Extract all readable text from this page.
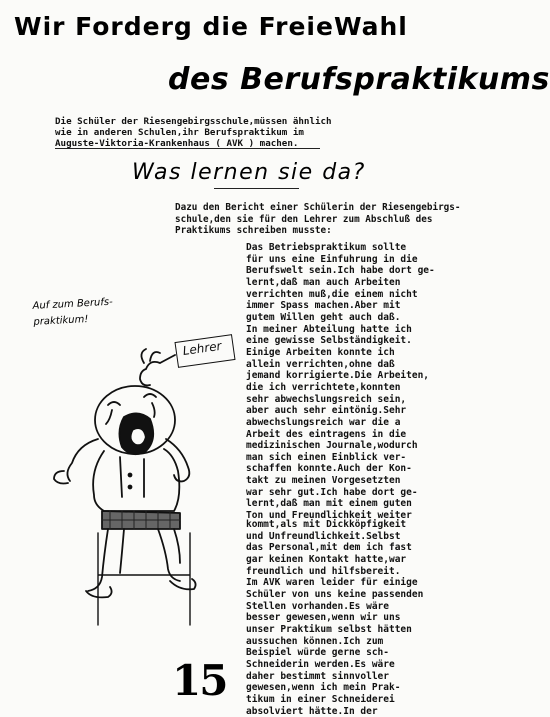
Wir Forderg die FreieWahl
des Berufspraktikums
Die Schüler der Riesengebirgsschule,müssen ähnlich
wie in anderen Schulen,ihr Berufspraktikum im
Auguste-Viktoria-Krankenhaus ( AVK ) machen.
Was lernen sie da?
Dazu den Bericht einer Schülerin der Riesengebirgs-
schule,den sie für den Lehrer zum Abschluß des
Praktikums schreiben musste:
Das Betriebspraktikum sollte
für uns eine Einfuhrung in die
Berufswelt sein.Ich habe dort ge-
lernt,daß man auch Arbeiten
verrichten muß,die einem nicht
immer Spass machen.Aber mit
gutem Willen geht auch daß.
In meiner Abteilung hatte ich
eine gewisse Selbständigkeit.
Einige Arbeiten konnte ich
allein verrichten,ohne daß
jemand korrigierte.Die Arbeiten,
die ich verrichtete,konnten
sehr abwechslungsreich sein,
aber auch sehr eintönig.Sehr
abwechslungsreich war die a
Arbeit des eintragens in die
medizinischen Journale,wodurch
man sich einen Einblick ver-
schaffen konnte.Auch der Kon-
takt zu meinen Vorgesetzten
war sehr gut.Ich habe dort ge-
lernt,daß man mit einem guten
Ton und Freundlichkeit weiter
kommt,als mit Dickköpfigkeit
und Unfreundlichkeit.Selbst
das Personal,mit dem ich fast
gar keinen Kontakt hatte,war
freundlich und hilfsbereit.
Im AVK waren leider für einige
Schüler von uns keine passenden
Stellen vorhanden.Es wäre
besser gewesen,wenn wir uns
unser Praktikum selbst hätten
aussuchen können.Ich zum
Beispiel würde gerne sch-
Schneiderin werden.Es wäre
daher bestimmt sinnvoller
gewesen,wenn ich mein Prak-
tikum in einer Schneiderei
absolviert hätte.In der
Auf zum Berufs-praktikum!
Lehrer
15
